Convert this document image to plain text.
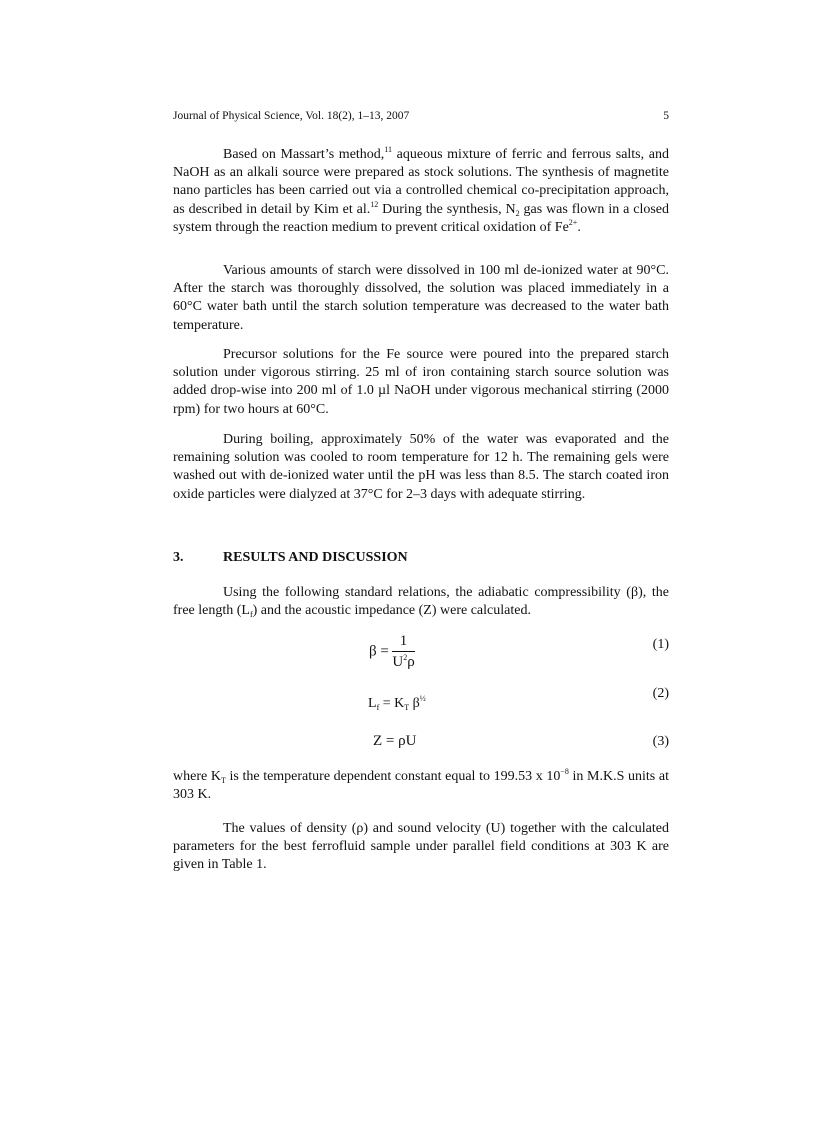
Journal of Physical Science, Vol. 18(2), 1–13, 2007	5

Based on Massart’s method,$^{11}$ aqueous mixture of ferric and ferrous salts, and NaOH as an alkali source were prepared as stock solutions. The synthesis of magnetite nano particles has been carried out via a controlled chemical co-precipitation approach, as described in detail by Kim et al.$^{12}$ During the synthesis, $N_2$ gas was flown in a closed system through the reaction medium to prevent critical oxidation of $Fe^{2+}$.

Various amounts of starch were dissolved in 100 ml de-ionized water at 90°C. After the starch was thoroughly dissolved, the solution was placed immediately in a 60°C water bath until the starch solution temperature was decreased to the water bath temperature.

Precursor solutions for the Fe source were poured into the prepared starch solution under vigorous stirring. 25 ml of iron containing starch source solution was added drop-wise into 200 ml of 1.0 µl NaOH under vigorous mechanical stirring (2000 rpm) for two hours at 60°C.

During boiling, approximately 50% of the water was evaporated and the remaining solution was cooled to room temperature for 12 h. The remaining gels were washed out with de-ionized water until the pH was less than 8.5. The starch coated iron oxide particles were dialyzed at 37°C for 2–3 days with adequate stirring.

3.	RESULTS AND DISCUSSION

Using the following standard relations, the adiabatic compressibility (β), the free length $(L_f)$ and the acoustic impedance (Z) were calculated.

$\beta = \frac{1}{U^2\rho}$	(1)
$L_f = K_T$ $\beta^{\frac{1}{2}}$	(2)
Z = ρU	(3)

where $K_T$ is the temperature dependent constant equal to 199.53 x $10^{-8}$ in M.K.S units at 303 K.

The values of density (ρ) and sound velocity (U) together with the calculated parameters for the best ferrofluid sample under parallel field conditions at 303 K are given in Table 1.
